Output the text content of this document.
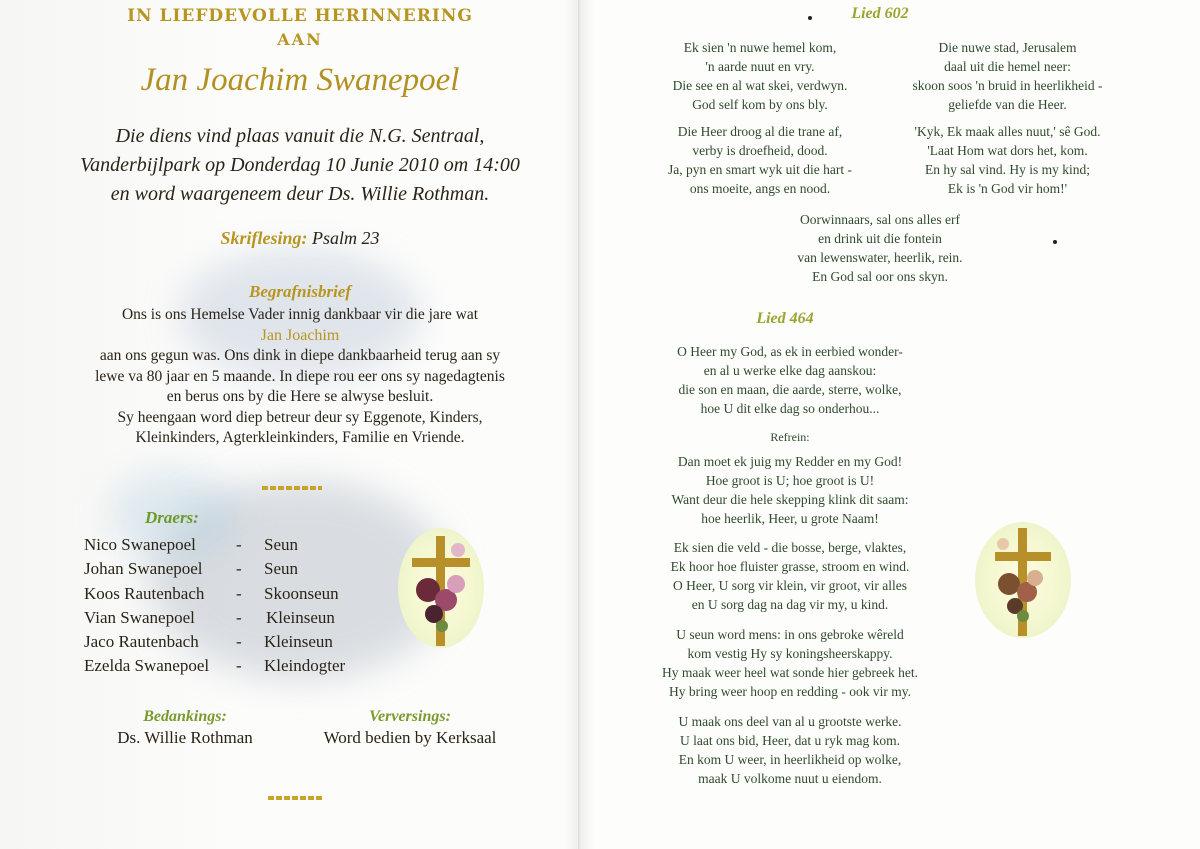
IN LIEFDEVOLLE HERINNERING
AAN
Jan Joachim Swanepoel
Die diens vind plaas vanuit die N.G. Sentraal,
Vanderbijlpark op Donderdag 10 Junie 2010 om 14:00
en word waargeneem deur Ds. Willie Rothman.
Skriflesing: Psalm 23
Begrafnisbrief
Ons is ons Hemelse Vader innig dankbaar vir die jare wat
Jan Joachim
aan ons gegun was. Ons dink in diepe dankbaarheid terug aan sy
lewe va 80 jaar en 5 maande. In diepe rou eer ons sy nagedagtenis
en berus ons by die Here se alwyse besluit.
Sy heengaan word diep betreur deur sy Eggenote, Kinders,
Kleinkinders, Agterkleinkinders, Familie en Vriende.
Draers:
Nico Swanepoel	-	Seun
Johan Swanepoel	-	Seun
Koos Rautenbach	-	Skoonseun
Vian Swanepoel	-	Kleinseun
Jaco Rautenbach	-	Kleinseun
Ezelda Swanepoel	-	Kleindogter
Bedankings:
Ds. Willie Rothman
Verversings:
Word bedien by Kerksaal
Lied 602
Ek sien 'n nuwe hemel kom,
'n aarde nuut en vry.
Die see en al wat skei, verdwyn.
God self kom by ons bly.
Die nuwe stad, Jerusalem
daal uit die hemel neer:
skoon soos 'n bruid in heerlikheid -
geliefde van die Heer.
Die Heer droog al die trane af,
verby is droefheid, dood.
Ja, pyn en smart wyk uit die hart -
ons moeite, angs en nood.
'Kyk, Ek maak alles nuut,' sê God.
'Laat Hom wat dors het, kom.
En hy sal vind. Hy is my kind;
Ek is 'n God vir hom!'
Oorwinnaars, sal ons alles erf
en drink uit die fontein
van lewenswater, heerlik, rein.
En God sal oor ons skyn.
Lied 464
O Heer my God, as ek in eerbied wonder-
en al u werke elke dag aanskou:
die son en maan, die aarde, sterre, wolke,
hoe U dit elke dag so onderhou...
Refrein:
Dan moet ek juig my Redder en my God!
Hoe groot is U; hoe groot is U!
Want deur die hele skepping klink dit saam:
hoe heerlik, Heer, u grote Naam!
Ek sien die veld - die bosse, berge, vlaktes,
Ek hoor hoe fluister grasse, stroom en wind.
O Heer, U sorg vir klein, vir groot, vir alles
en U sorg dag na dag vir my, u kind.
U seun word mens: in ons gebroke wêreld
kom vestig Hy sy koningsheerskappy.
Hy maak weer heel wat sonde hier gebreek het.
Hy bring weer hoop en redding - ook vir my.
U maak ons deel van al u grootste werke.
U laat ons bid, Heer, dat u ryk mag kom.
En kom U weer, in heerlikheid op wolke,
maak U volkome nuut u eiendom.
